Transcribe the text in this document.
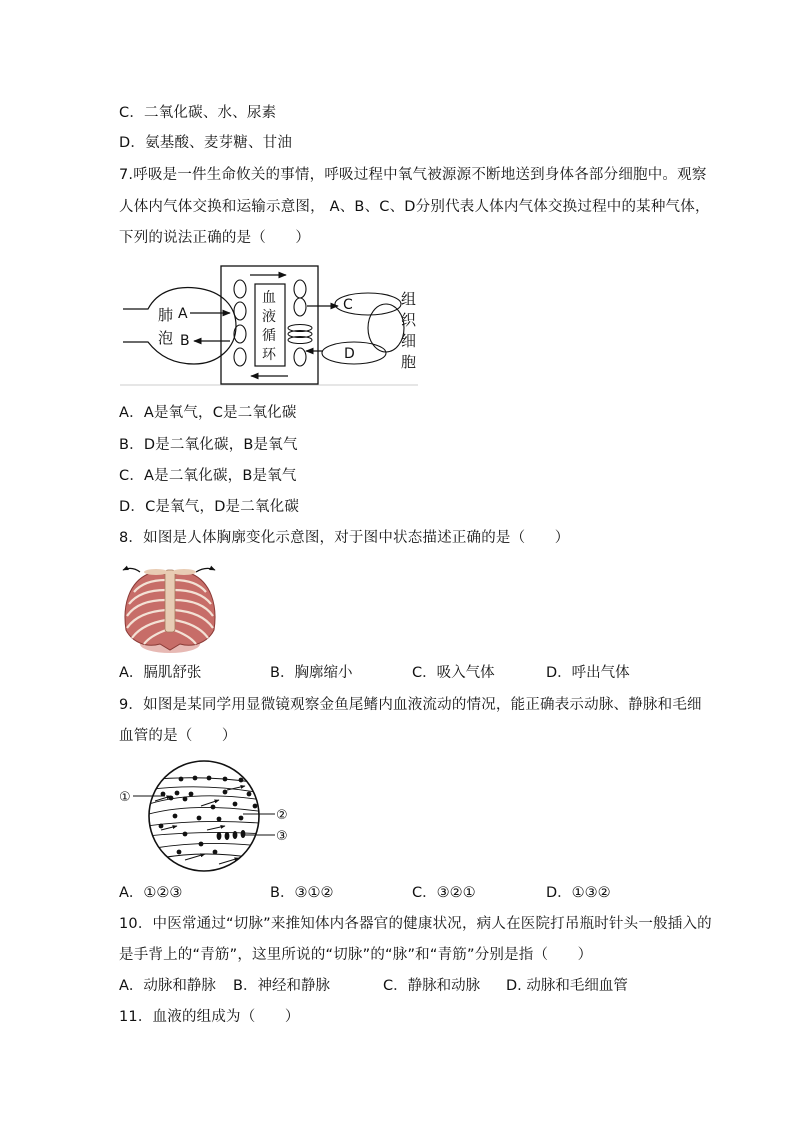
C．二氧化碳、水、尿素
D．氨基酸、麦芽糖、甘油
7.呼吸是一件生命攸关的事情，呼吸过程中氧气被源源不断地送到身体各部分细胞中。观察
人体内气体交换和运输示意图， A、B、C、D分别代表人体内气体交换过程中的某种气体，
下列的说法正确的是（　　）
肺
泡
A
B
血
液
循
环
C
D
组
织
细
胞
A．A是氧气，C是二氧化碳
B．D是二氧化碳，B是氧气
C．A是二氧化碳，B是氧气
D．C是氧气，D是二氧化碳
8．如图是人体胸廓变化示意图，对于图中状态描述正确的是（　　）
A．膈肌舒张	B．胸廓缩小	C．吸入气体	D．呼出气体
9．如图是某同学用显微镜观察金鱼尾鳍内血液流动的情况，能正确表示动脉、静脉和毛细
血管的是（　　）
①
②
③
A．①②③	B．③①②	C．③②①	D．①③②
10．中医常通过“切脉”来推知体内各器官的健康状况，病人在医院打吊瓶时针头一般插入的
是手背上的“青筋”，这里所说的“切脉”的“脉”和“青筋”分别是指（　　）
A．动脉和静脉 B．神经和静脉	C．静脉和动脉 D. 动脉和毛细血管
11．血液的组成为（　　）
